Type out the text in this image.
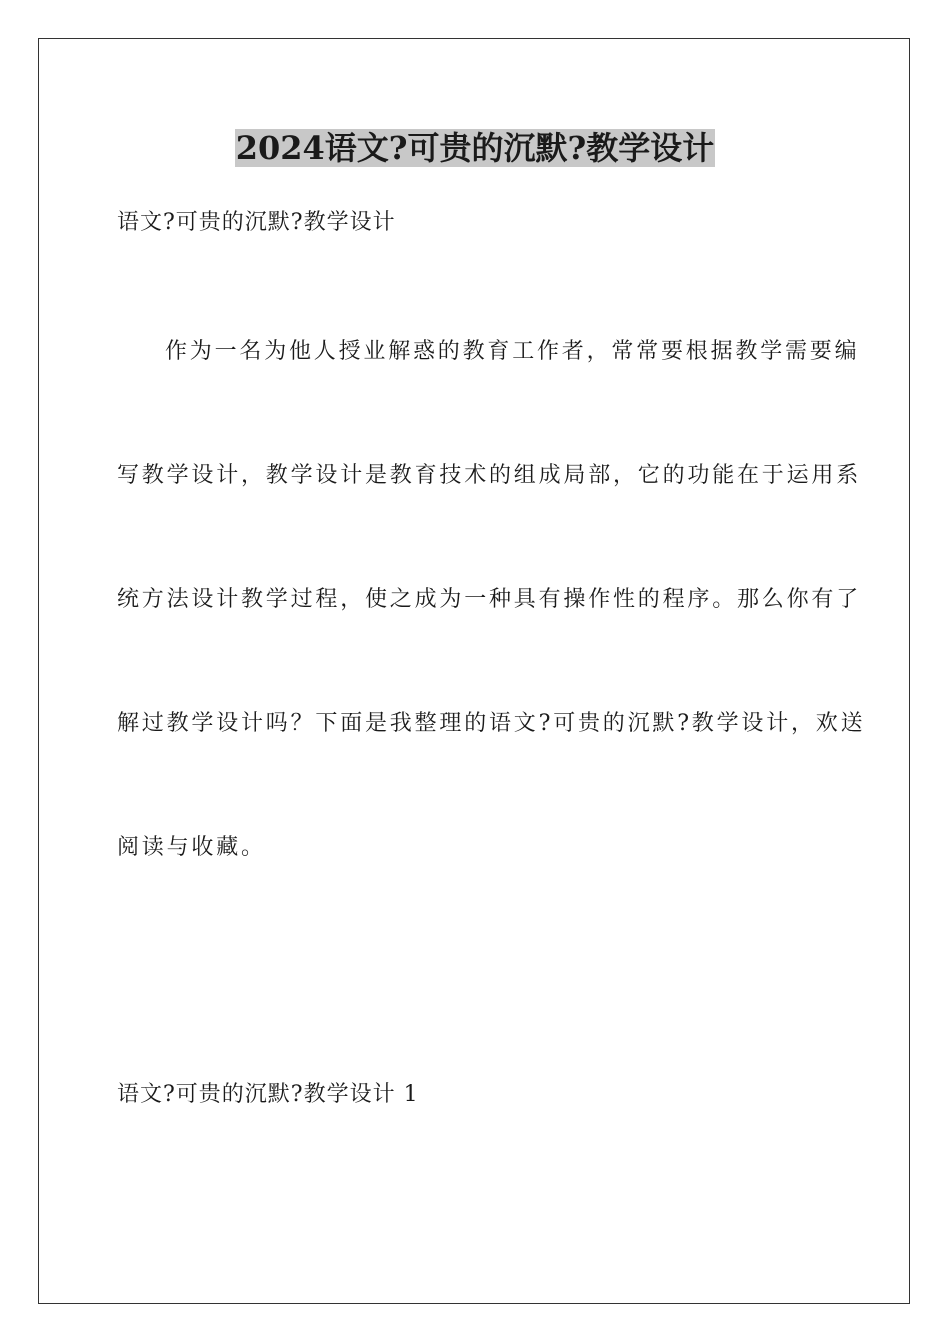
2024语文?可贵的沉默?教学设计
语文?可贵的沉默?教学设计
作为一名为他人授业解惑的教育工作者，常常要根据教学需要编
写教学设计，教学设计是教育技术的组成局部，它的功能在于运用系
统方法设计教学过程，使之成为一种具有操作性的程序。那么你有了
解过教学设计吗？下面是我整理的语文?可贵的沉默?教学设计，欢送
阅读与收藏。
语文?可贵的沉默?教学设计 1
